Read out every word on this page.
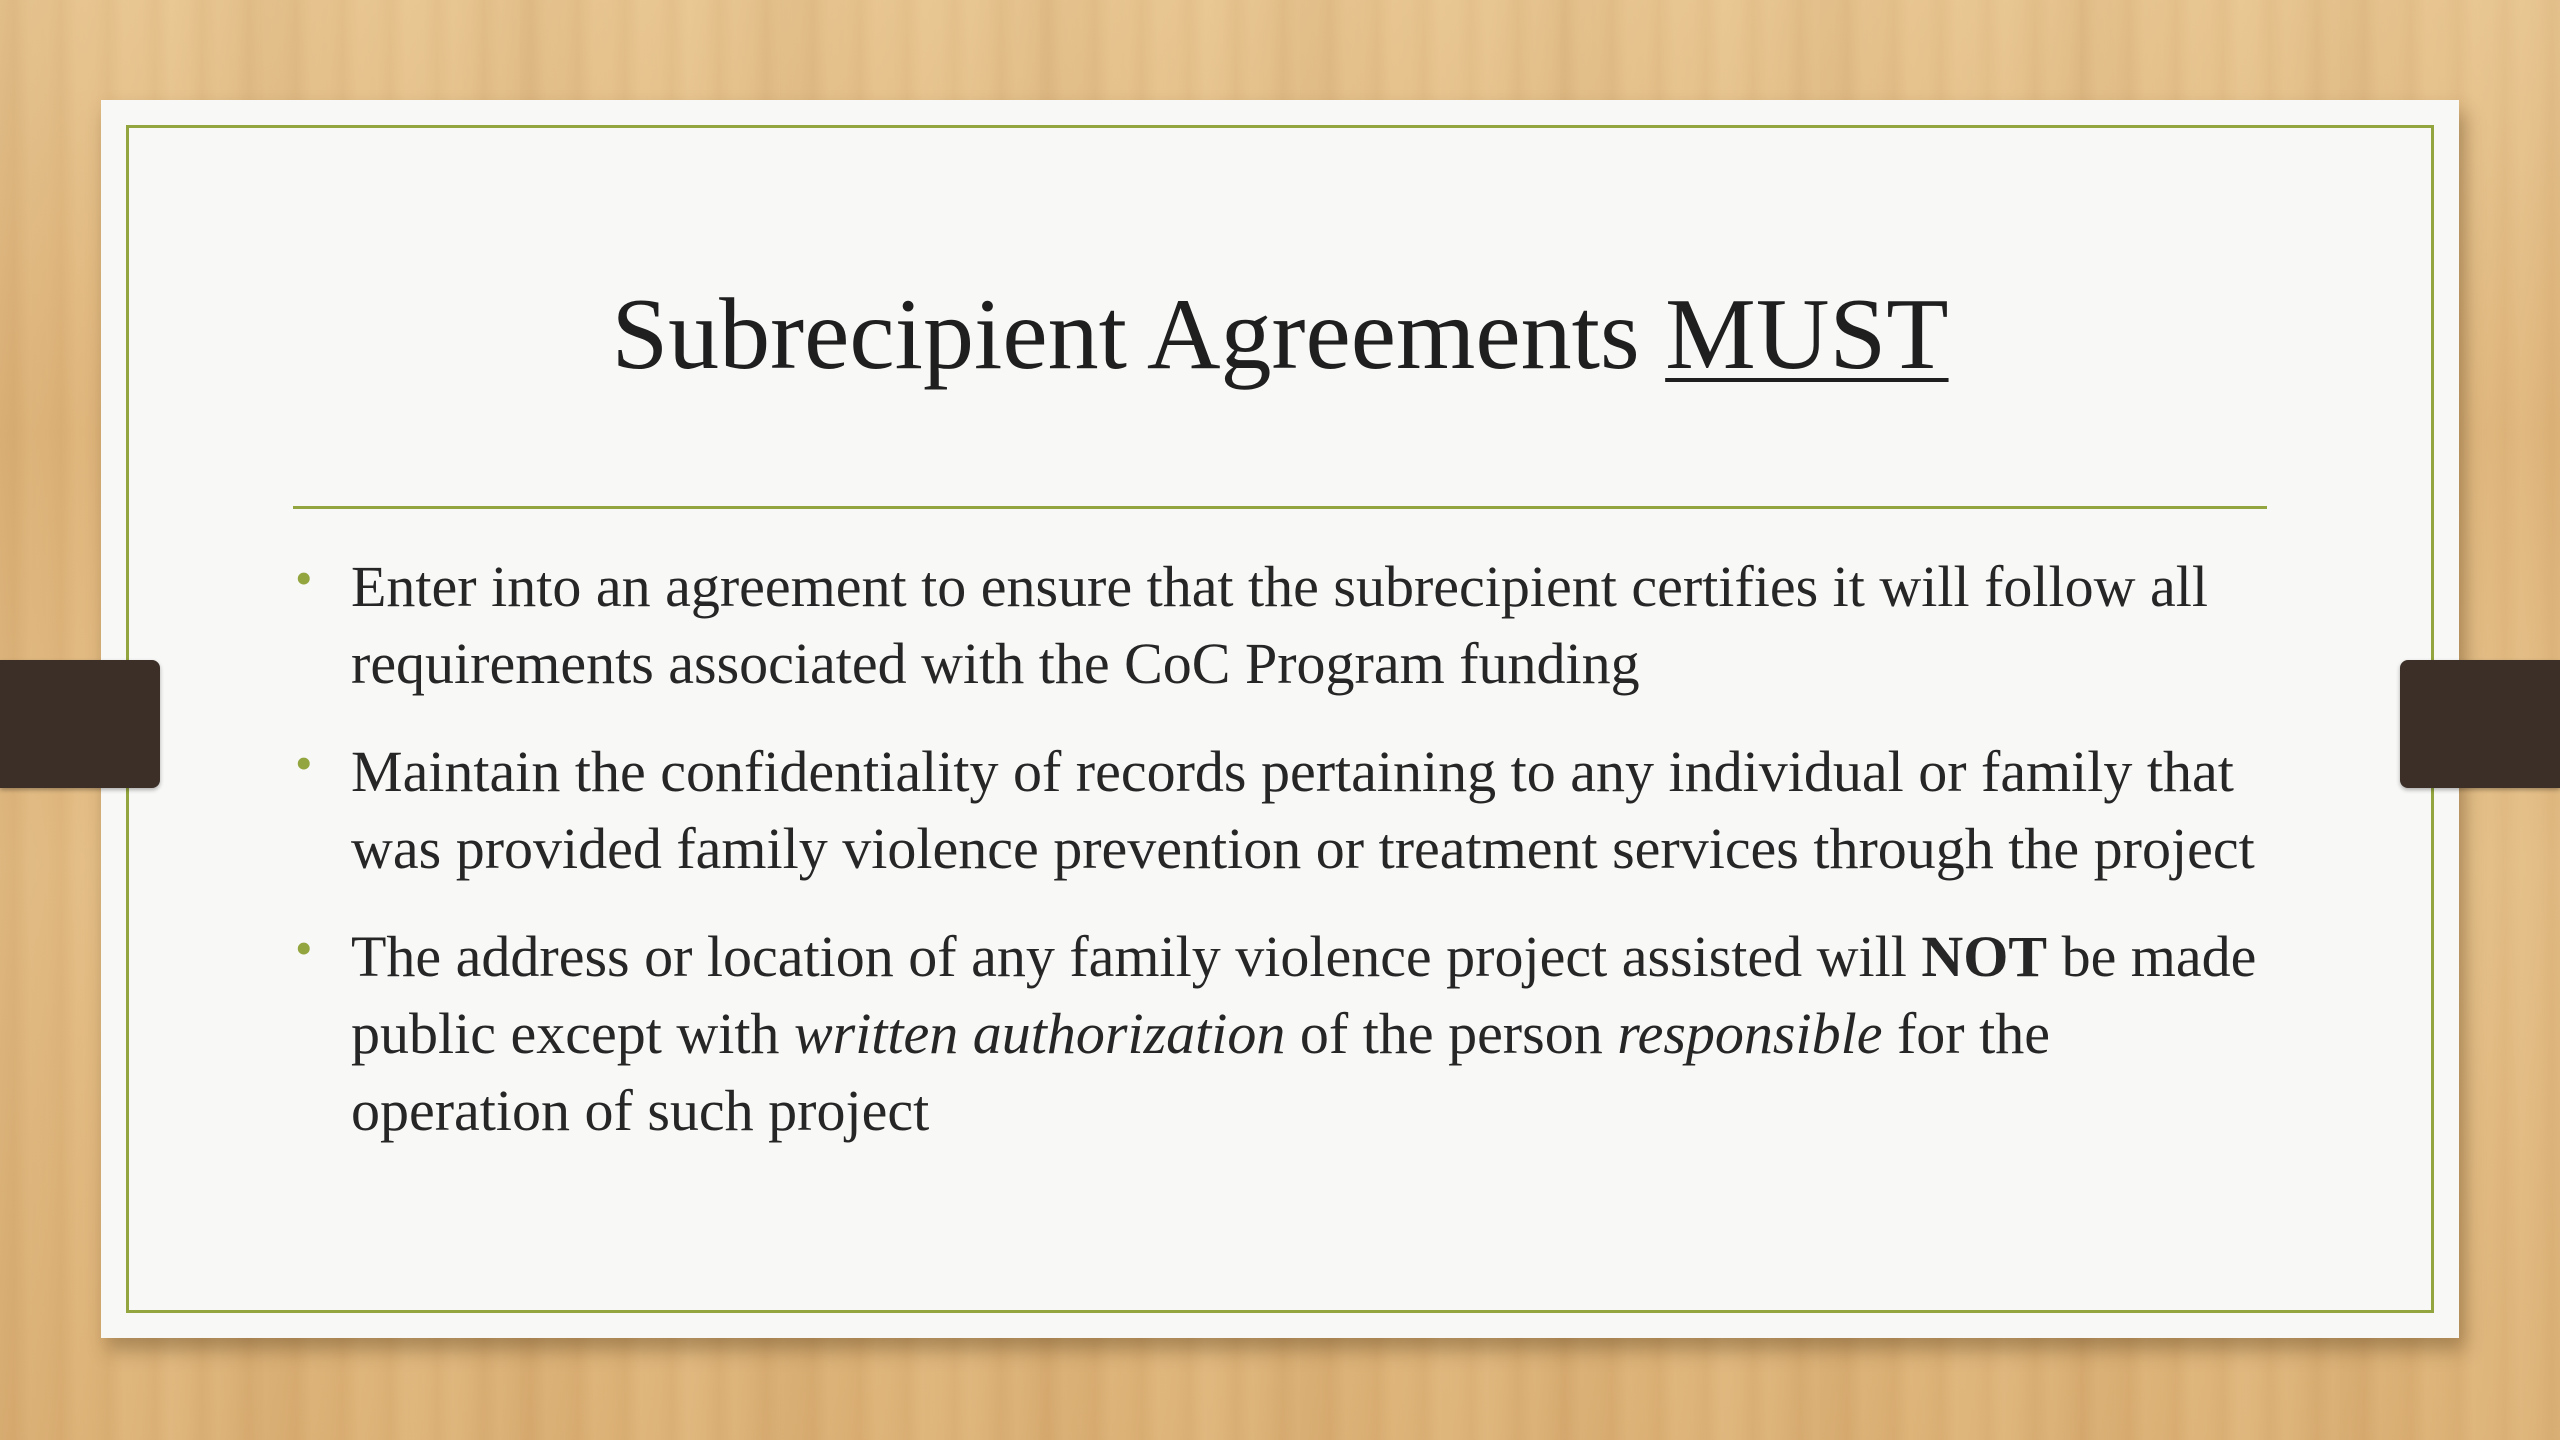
Subrecipient Agreements MUST
• Enter into an agreement to ensure that the subrecipient certifies it will follow all requirements associated with the CoC Program funding
• Maintain the confidentiality of records pertaining to any individual or family that was provided family violence prevention or treatment services through the project
• The address or location of any family violence project assisted will NOT be made public except with written authorization of the person responsible for the operation of such project
